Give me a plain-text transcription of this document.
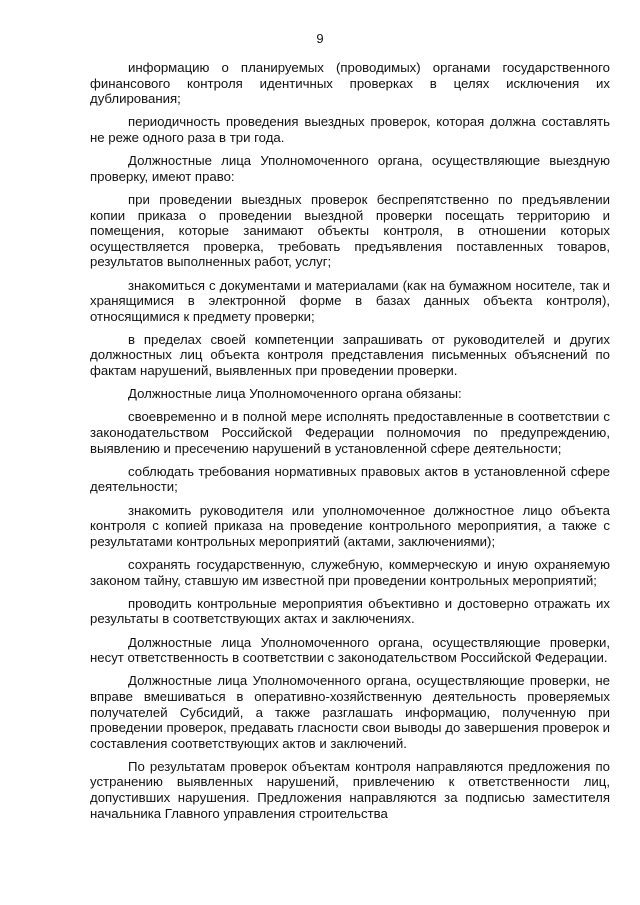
9

информацию о планируемых (проводимых) органами государственного финансового контроля идентичных проверках в целях исключения их дублирования;

периодичность проведения выездных проверок, которая должна составлять не реже одного раза в три года.

Должностные лица Уполномоченного органа, осуществляющие выездную проверку, имеют право:

при проведении выездных проверок беспрепятственно по предъявлении копии приказа о проведении выездной проверки посещать территорию и помещения, которые занимают объекты контроля, в отношении которых осуществляется проверка, требовать предъявления поставленных товаров, результатов выполненных работ, услуг;

знакомиться с документами и материалами (как на бумажном носителе, так и хранящимися в электронной форме в базах данных объекта контроля), относящимися к предмету проверки;

в пределах своей компетенции запрашивать от руководителей и других должностных лиц объекта контроля представления письменных объяснений по фактам нарушений, выявленных при проведении проверки.

Должностные лица Уполномоченного органа обязаны:

своевременно и в полной мере исполнять предоставленные в соответствии с законодательством Российской Федерации полномочия по предупреждению, выявлению и пресечению нарушений в установленной сфере деятельности;

соблюдать требования нормативных правовых актов в установленной сфере деятельности;

знакомить руководителя или уполномоченное должностное лицо объекта контроля с копией приказа на проведение контрольного мероприятия, а также с результатами контрольных мероприятий (актами, заключениями);

сохранять государственную, служебную, коммерческую и иную охраняемую законом тайну, ставшую им известной при проведении контрольных мероприятий;

проводить контрольные мероприятия объективно и достоверно отражать их результаты в соответствующих актах и заключениях.

Должностные лица Уполномоченного органа, осуществляющие проверки, несут ответственность в соответствии с законодательством Российской Федерации.

Должностные лица Уполномоченного органа, осуществляющие проверки, не вправе вмешиваться в оперативно-хозяйственную деятельность проверяемых получателей Субсидий, а также разглашать информацию, полученную при проведении проверок, предавать гласности свои выводы до завершения проверок и составления соответствующих актов и заключений.

По результатам проверок объектам контроля направляются предложения по устранению выявленных нарушений, привлечению к ответственности лиц, допустивших нарушения. Предложения направляются за подписью заместителя начальника Главного управления строительства
